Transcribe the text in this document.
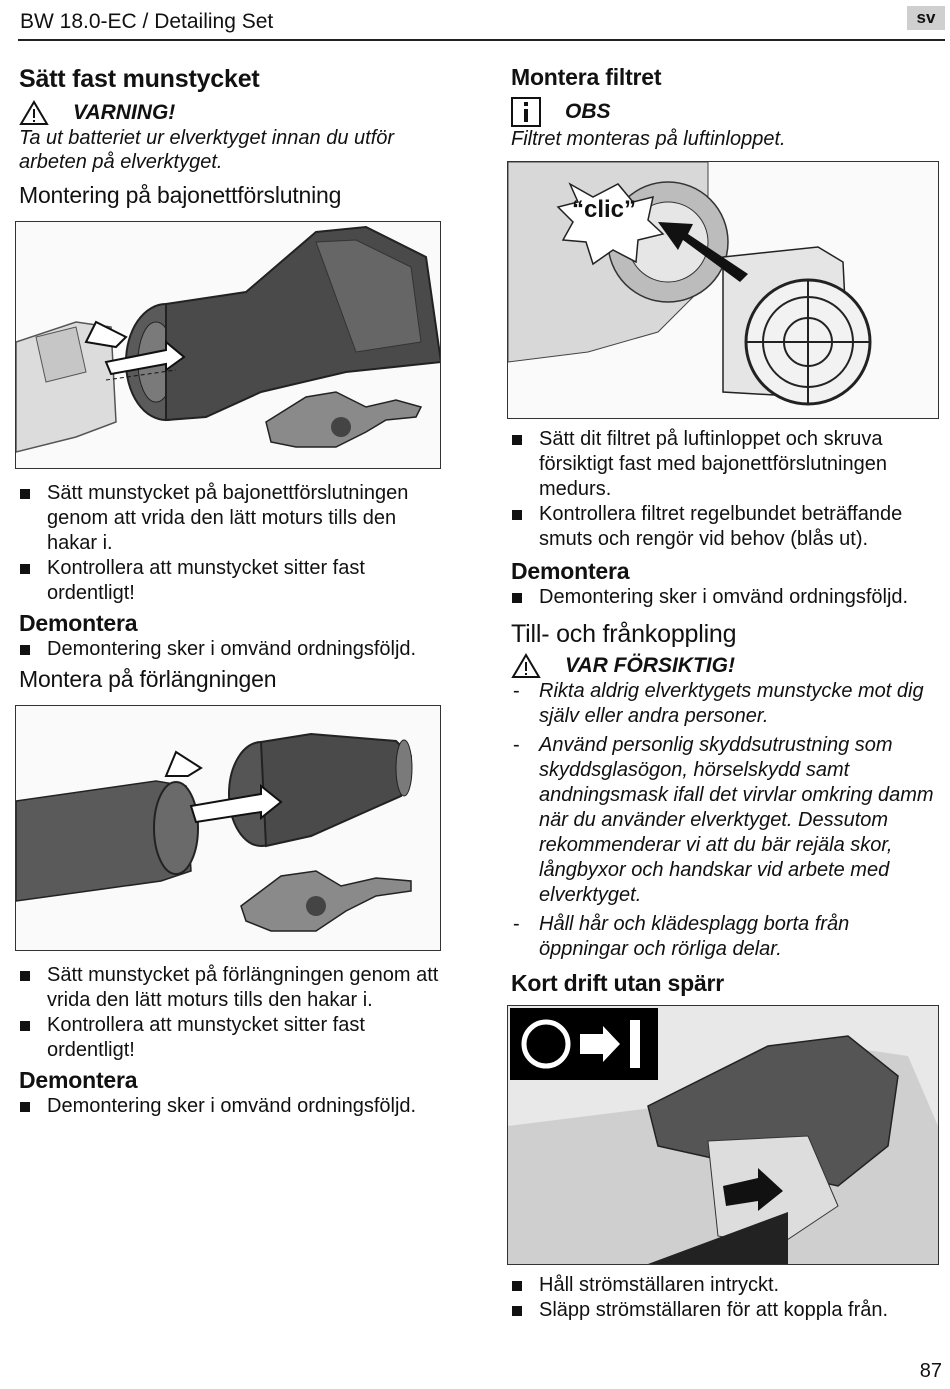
BW 18.0-EC / Detailing Set	sv
Sätt fast munstycket
VARNING!
Ta ut batteriet ur elverktyget innan du utför arbeten på elverktyget.
Montering på bajonettförslutning
Sätt munstycket på bajonettförslutningen genom att vrida den lätt moturs tills den hakar i.
Kontrollera att munstycket sitter fast ordentligt!
Demontera
Demontering sker i omvänd ordningsföljd.
Montera på förlängningen
Sätt munstycket på förlängningen genom att vrida den lätt moturs tills den hakar i.
Kontrollera att munstycket sitter fast ordentligt!
Demontera
Demontering sker i omvänd ordningsföljd.
Montera filtret
OBS
Filtret monteras på luftinloppet.
“clic”
Sätt dit filtret på luftinloppet och skruva försiktigt fast med bajonettförslutningen medurs.
Kontrollera filtret regelbundet beträffande smuts och rengör vid behov (blås ut).
Demontera
Demontering sker i omvänd ordningsföljd.
Till- och frånkoppling
VAR FÖRSIKTIG!
- Rikta aldrig elverktygets munstycke mot dig själv eller andra personer.
- Använd personlig skyddsutrustning som skyddsglasögon, hörselskydd samt andningsmask ifall det virvlar omkring damm när du använder elverktyget. Dessutom rekommenderar vi att du bär rejäla skor, långbyxor och handskar vid arbete med elverktyget.
- Håll hår och klädesplagg borta från öppningar och rörliga delar.
Kort drift utan spärr
Håll strömställaren intryckt.
Släpp strömställaren för att koppla från.
87
